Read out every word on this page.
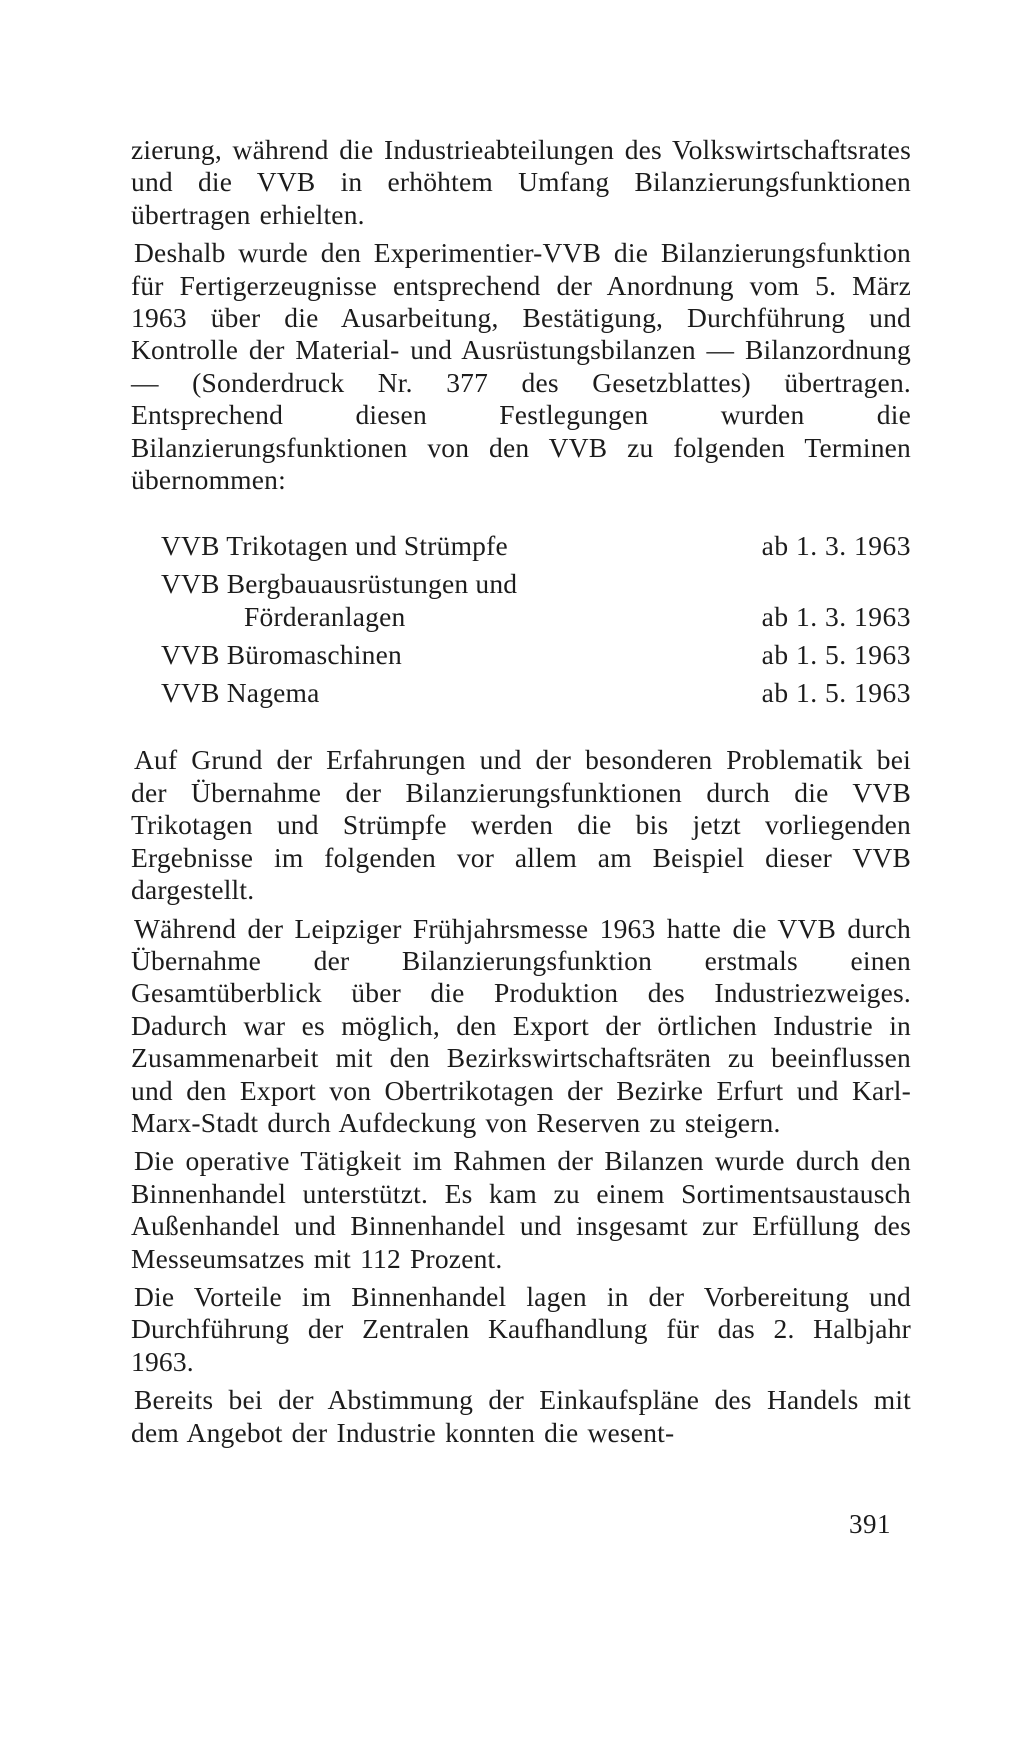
zierung, während die Industrieabteilungen des Volkswirtschaftsrates und die VVB in erhöhtem Umfang Bilanzierungsfunktionen übertragen erhielten.

Deshalb wurde den Experimentier-VVB die Bilanzierungsfunktion für Fertigerzeugnisse entsprechend der Anordnung vom 5. März 1963 über die Ausarbeitung, Bestätigung, Durchführung und Kontrolle der Material- und Ausrüstungsbilanzen — Bilanzordnung — (Sonderdruck Nr. 377 des Gesetzblattes) übertragen. Entsprechend diesen Festlegungen wurden die Bilanzierungsfunktionen von den VVB zu folgenden Terminen übernommen:

VVB Trikotagen und Strümpfe	ab 1. 3. 1963
VVB Bergbauausrüstungen und
Förderanlagen	ab 1. 3. 1963
VVB Büromaschinen	ab 1. 5. 1963
VVB Nagema	ab 1. 5. 1963

Auf Grund der Erfahrungen und der besonderen Problematik bei der Übernahme der Bilanzierungsfunktionen durch die VVB Trikotagen und Strümpfe werden die bis jetzt vorliegenden Ergebnisse im folgenden vor allem am Beispiel dieser VVB dargestellt.

Während der Leipziger Frühjahrsmesse 1963 hatte die VVB durch Übernahme der Bilanzierungsfunktion erstmals einen Gesamtüberblick über die Produktion des Industriezweiges. Dadurch war es möglich, den Export der örtlichen Industrie in Zusammenarbeit mit den Bezirkswirtschaftsräten zu beeinflussen und den Export von Obertrikotagen der Bezirke Erfurt und Karl-Marx-Stadt durch Aufdeckung von Reserven zu steigern.

Die operative Tätigkeit im Rahmen der Bilanzen wurde durch den Binnenhandel unterstützt. Es kam zu einem Sortimentsaustausch Außenhandel und Binnenhandel und insgesamt zur Erfüllung des Messeumsatzes mit 112 Prozent.

Die Vorteile im Binnenhandel lagen in der Vorbereitung und Durchführung der Zentralen Kaufhandlung für das 2. Halbjahr 1963.

Bereits bei der Abstimmung der Einkaufspläne des Handels mit dem Angebot der Industrie konnten die wesent-

391
